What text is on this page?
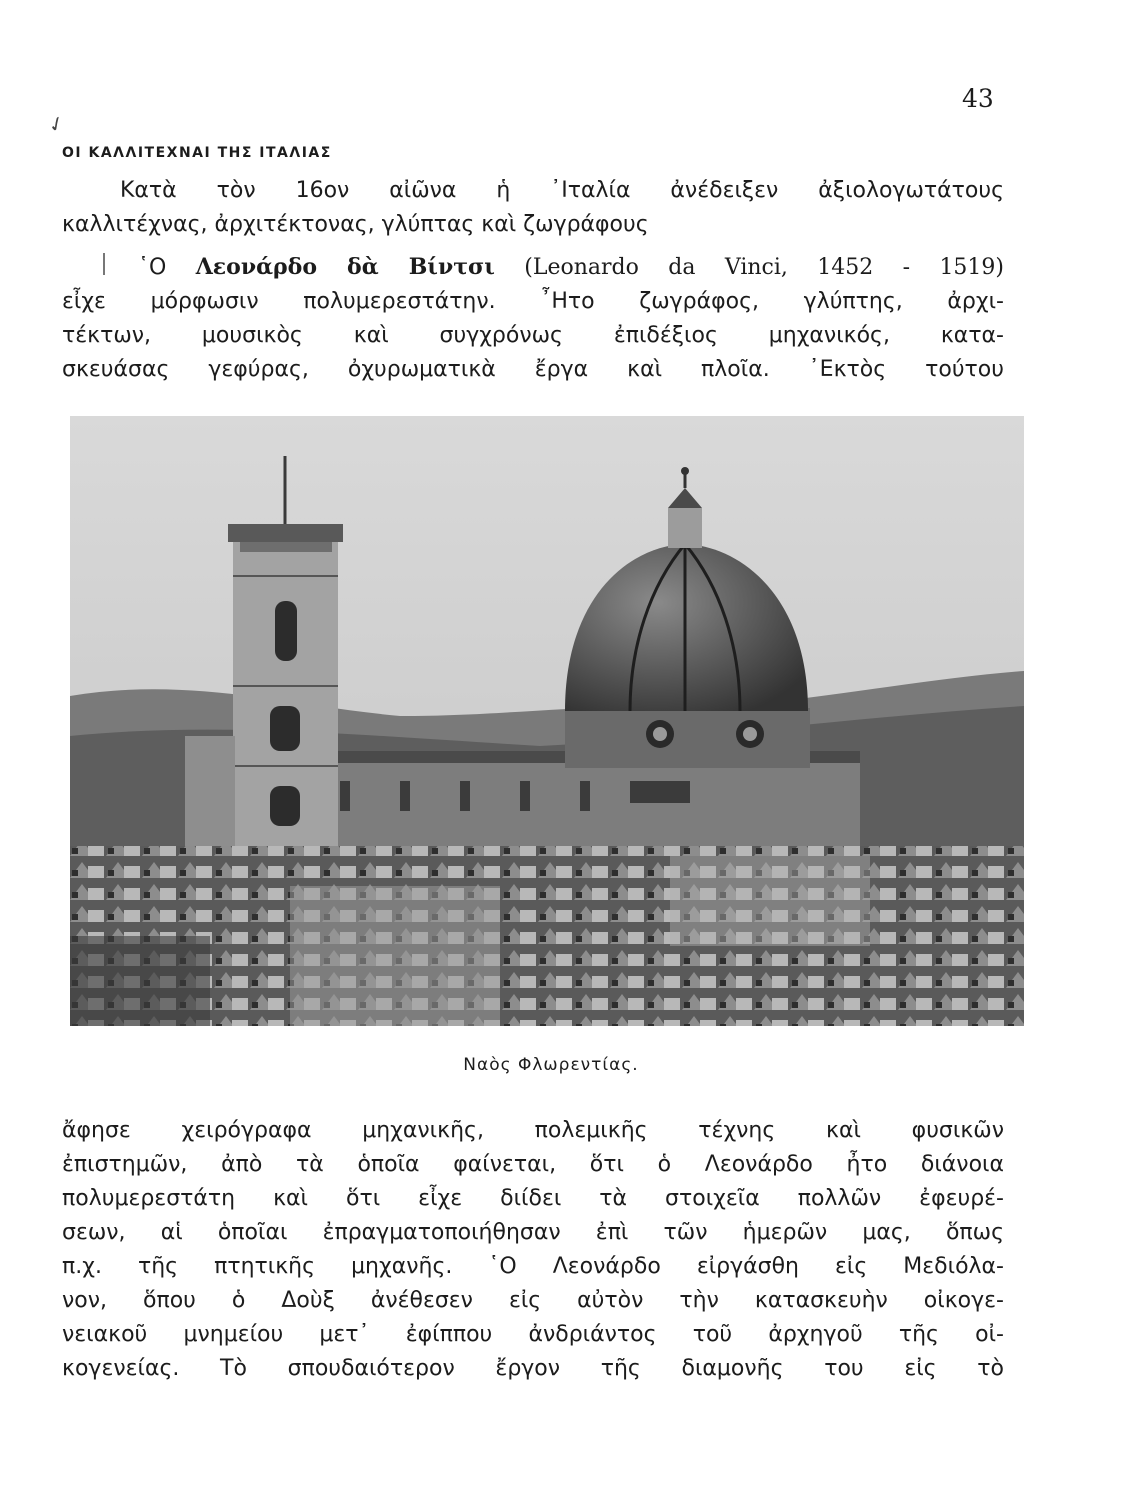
43
✓
ΟΙ ΚΑΛΛΙΤΕΧΝΑΙ ΤΗΣ ΙΤΑΛΙΑΣ
Κατὰ τὸν 16ον αἰῶνα ἡ ᾿Ιταλία ἀνέδειξεν ἀξιολογωτάτους
καλλιτέχνας, ἀρχιτέκτονας, γλύπτας καὶ ζωγράφους
῾Ο Λεονάρδο δὰ Βίντσι (Leonardo da Vinci, 1452 - 1519)
εἶχε μόρφωσιν πολυμερεστάτην. ῏Ητο ζωγράφος, γλύπτης, ἀρχι-
τέκτων, μουσικὸς καὶ συγχρόνως ἐπιδέξιος μηχανικός, κατα-
σκευάσας γεφύρας, ὀχυρωματικὰ ἔργα καὶ πλοῖα. ᾿Εκτὸς τούτου
Ναὸς Φλωρεντίας.
ἄφησε χειρόγραφα μηχανικῆς, πολεμικῆς τέχνης καὶ φυσικῶν
ἐπιστημῶν, ἀπὸ τὰ ὁποῖα φαίνεται, ὅτι ὁ Λεονάρδο ἦτο διάνοια
πολυμερεστάτη καὶ ὅτι εἶχε διίδει τὰ στοιχεῖα πολλῶν ἐφευρέ-
σεων, αἱ ὁποῖαι ἐπραγματοποιήθησαν ἐπὶ τῶν ἡμερῶν μας, ὅπως
π.χ. τῆς πτητικῆς μηχανῆς. ῾Ο Λεονάρδο εἰργάσθη εἰς Μεδιόλα-
νον, ὅπου ὁ Δοὺξ ἀνέθεσεν εἰς αὐτὸν τὴν κατασκευὴν οἰκογε-
νειακοῦ μνημείου μετ᾿ ἐφίππου ἀνδριάντος τοῦ ἀρχηγοῦ τῆς οἰ-
κογενείας. Τὸ σπουδαιότερον ἔργον τῆς διαμονῆς του εἰς τὸ
